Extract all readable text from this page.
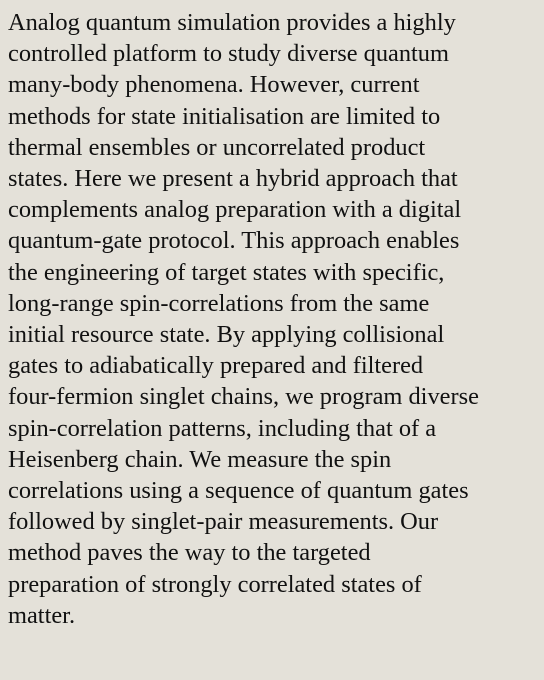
Analog quantum simulation provides a highly
controlled platform to study diverse quantum
many-body phenomena. However, current
methods for state initialisation are limited to
thermal ensembles or uncorrelated product
states. Here we present a hybrid approach that
complements analog preparation with a digital
quantum-gate protocol. This approach enables
the engineering of target states with specific,
long-range spin-correlations from the same
initial resource state. By applying collisional
gates to adiabatically prepared and filtered
four-fermion singlet chains, we program diverse
spin-correlation patterns, including that of a
Heisenberg chain. We measure the spin
correlations using a sequence of quantum gates
followed by singlet-pair measurements. Our
method paves the way to the targeted
preparation of strongly correlated states of
matter.
